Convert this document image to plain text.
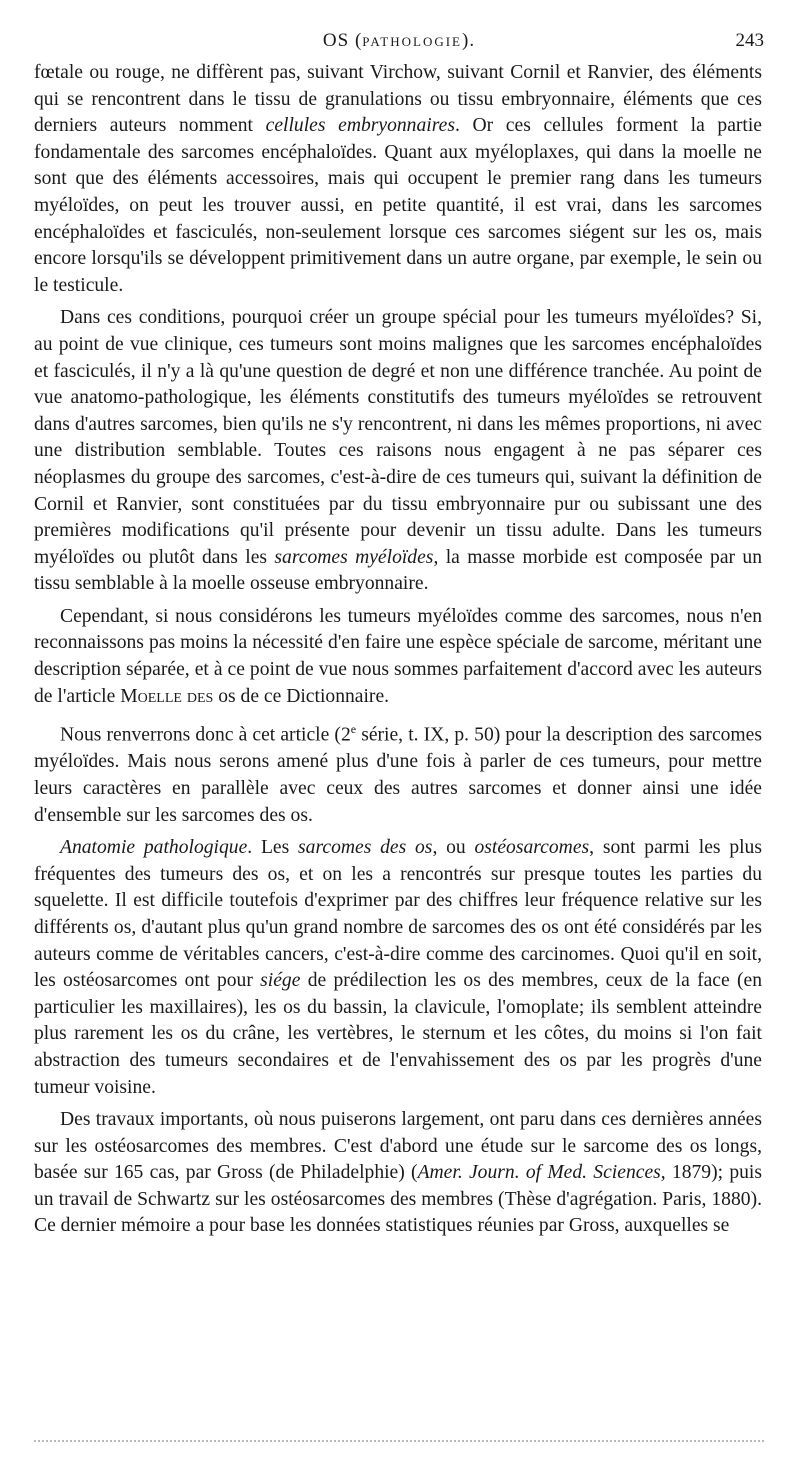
OS (PATHOLOGIE).	243

fœtale ou rouge, ne diffèrent pas, suivant Virchow, suivant Cornil et Ranvier, des éléments qui se rencontrent dans le tissu de granulations ou tissu embryonnaire, éléments que ces derniers auteurs nomment cellules embryonnaires. Or ces cellules forment la partie fondamentale des sarcomes encéphaloïdes. Quant aux myéloplaxes, qui dans la moelle ne sont que des éléments accessoires, mais qui occupent le premier rang dans les tumeurs myéloïdes, on peut les trouver aussi, en petite quantité, il est vrai, dans les sarcomes encéphaloïdes et fasciculés, non-seulement lorsque ces sarcomes siégent sur les os, mais encore lorsqu'ils se développent primitivement dans un autre organe, par exemple, le sein ou le testicule.

Dans ces conditions, pourquoi créer un groupe spécial pour les tumeurs myéloïdes? Si, au point de vue clinique, ces tumeurs sont moins malignes que les sarcomes encéphaloïdes et fasciculés, il n'y a là qu'une question de degré et non une différence tranchée. Au point de vue anatomo-pathologique, les éléments constitutifs des tumeurs myéloïdes se retrouvent dans d'autres sarcomes, bien qu'ils ne s'y rencontrent, ni dans les mêmes proportions, ni avec une distribution semblable. Toutes ces raisons nous engagent à ne pas séparer ces néoplasmes du groupe des sarcomes, c'est-à-dire de ces tumeurs qui, suivant la définition de Cornil et Ranvier, sont constituées par du tissu embryonnaire pur ou subissant une des premières modifications qu'il présente pour devenir un tissu adulte. Dans les tumeurs myéloïdes ou plutôt dans les sarcomes myéloïdes, la masse morbide est composée par un tissu semblable à la moelle osseuse embryonnaire.

Cependant, si nous considérons les tumeurs myéloïdes comme des sarcomes, nous n'en reconnaissons pas moins la nécessité d'en faire une espèce spéciale de sarcome, méritant une description séparée, et à ce point de vue nous sommes parfaitement d'accord avec les auteurs de l'article Moelle des os de ce Dictionnaire.

Nous renverrons donc à cet article (2e série, t. IX, p. 50) pour la description des sarcomes myéloïdes. Mais nous serons amené plus d'une fois à parler de ces tumeurs, pour mettre leurs caractères en parallèle avec ceux des autres sarcomes et donner ainsi une idée d'ensemble sur les sarcomes des os.

Anatomie pathologique. Les sarcomes des os, ou ostéosarcomes, sont parmi les plus fréquentes des tumeurs des os, et on les a rencontrés sur presque toutes les parties du squelette. Il est difficile toutefois d'exprimer par des chiffres leur fréquence relative sur les différents os, d'autant plus qu'un grand nombre de sarcomes des os ont été considérés par les auteurs comme de véritables cancers, c'est-à-dire comme des carcinomes. Quoi qu'il en soit, les ostéosarcomes ont pour siége de prédilection les os des membres, ceux de la face (en particulier les maxillaires), les os du bassin, la clavicule, l'omoplate; ils semblent atteindre plus rarement les os du crâne, les vertèbres, le sternum et les côtes, du moins si l'on fait abstraction des tumeurs secondaires et de l'envahissement des os par les progrès d'une tumeur voisine.

Des travaux importants, où nous puiserons largement, ont paru dans ces dernières années sur les ostéosarcomes des membres. C'est d'abord une étude sur le sarcome des os longs, basée sur 165 cas, par Gross (de Philadelphie) (Amer. Journ. of Med. Sciences, 1879); puis un travail de Schwartz sur les ostéosarcomes des membres (Thèse d'agrégation. Paris, 1880). Ce dernier mémoire a pour base les données statistiques réunies par Gross, auxquelles se
